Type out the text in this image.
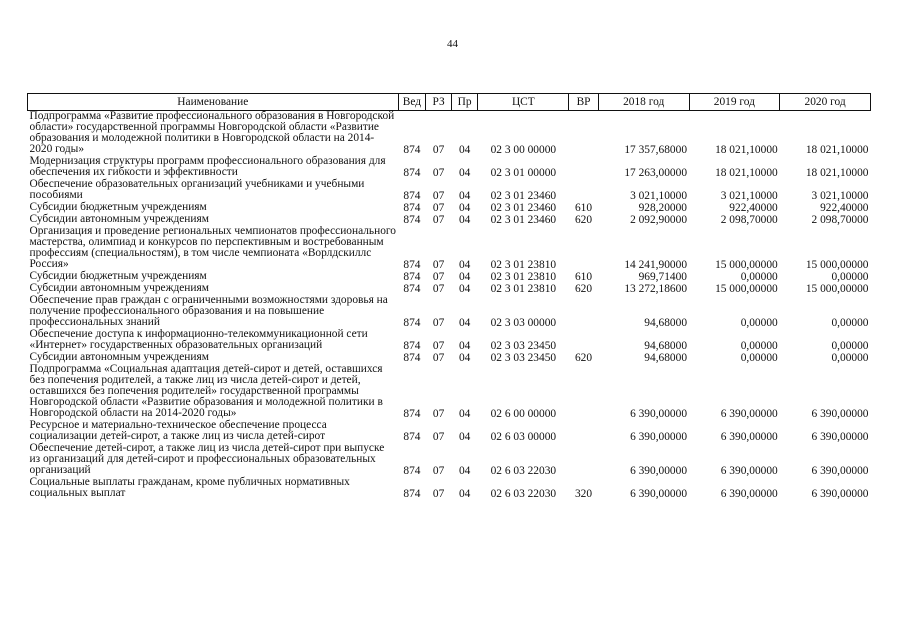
44
Наименование	Вед	РЗ	Пр	ЦСТ	ВР	2018 год	2019 год	2020 год
Подпрограмма «Развитие профессионального образования в Новгородской области» государственной программы Новгородской области «Развитие образования и молодежной политики в Новгородской области на 2014-2020 годы»	874	07	04	02 3 00 00000		17 357,68000	18 021,10000	18 021,10000
Модернизация структуры программ профессионального образования для обеспечения их гибкости и эффективности	874	07	04	02 3 01 00000		17 263,00000	18 021,10000	18 021,10000
Обеспечение образовательных организаций учебниками и учебными пособиями	874	07	04	02 3 01 23460		3 021,10000	3 021,10000	3 021,10000
Субсидии бюджетным учреждениям	874	07	04	02 3 01 23460	610	928,20000	922,40000	922,40000
Субсидии автономным учреждениям	874	07	04	02 3 01 23460	620	2 092,90000	2 098,70000	2 098,70000
Организация и проведение региональных чемпионатов профессионального мастерства, олимпиад и конкурсов по перспективным и востребованным профессиям (специальностям), в том числе чемпионата «Ворлдскиллс Россия»	874	07	04	02 3 01 23810		14 241,90000	15 000,00000	15 000,00000
Субсидии бюджетным учреждениям	874	07	04	02 3 01 23810	610	969,71400	0,00000	0,00000
Субсидии автономным учреждениям	874	07	04	02 3 01 23810	620	13 272,18600	15 000,00000	15 000,00000
Обеспечение прав граждан с ограниченными возможностями здоровья на получение профессионального образования и на повышение профессиональных знаний	874	07	04	02 3 03 00000		94,68000	0,00000	0,00000
Обеспечение доступа к информационно-телекоммуникационной сети «Интернет» государственных образовательных организаций	874	07	04	02 3 03 23450		94,68000	0,00000	0,00000
Субсидии автономным учреждениям	874	07	04	02 3 03 23450	620	94,68000	0,00000	0,00000
Подпрограмма «Социальная адаптация детей-сирот и детей, оставшихся без попечения родителей, а также лиц из числа детей-сирот и детей, оставшихся без попечения родителей» государственной программы Новгородской области «Развитие образования и молодежной политики в Новгородской области на 2014-2020 годы»	874	07	04	02 6 00 00000		6 390,00000	6 390,00000	6 390,00000
Ресурсное и материально-техническое обеспечение процесса социализации детей-сирот, а также лиц из числа детей-сирот	874	07	04	02 6 03 00000		6 390,00000	6 390,00000	6 390,00000
Обеспечение детей-сирот, а также лиц из числа детей-сирот при выпуске из организаций для детей-сирот и профессиональных образовательных организаций	874	07	04	02 6 03 22030		6 390,00000	6 390,00000	6 390,00000
Социальные выплаты гражданам, кроме публичных нормативных социальных выплат	874	07	04	02 6 03 22030	320	6 390,00000	6 390,00000	6 390,00000
